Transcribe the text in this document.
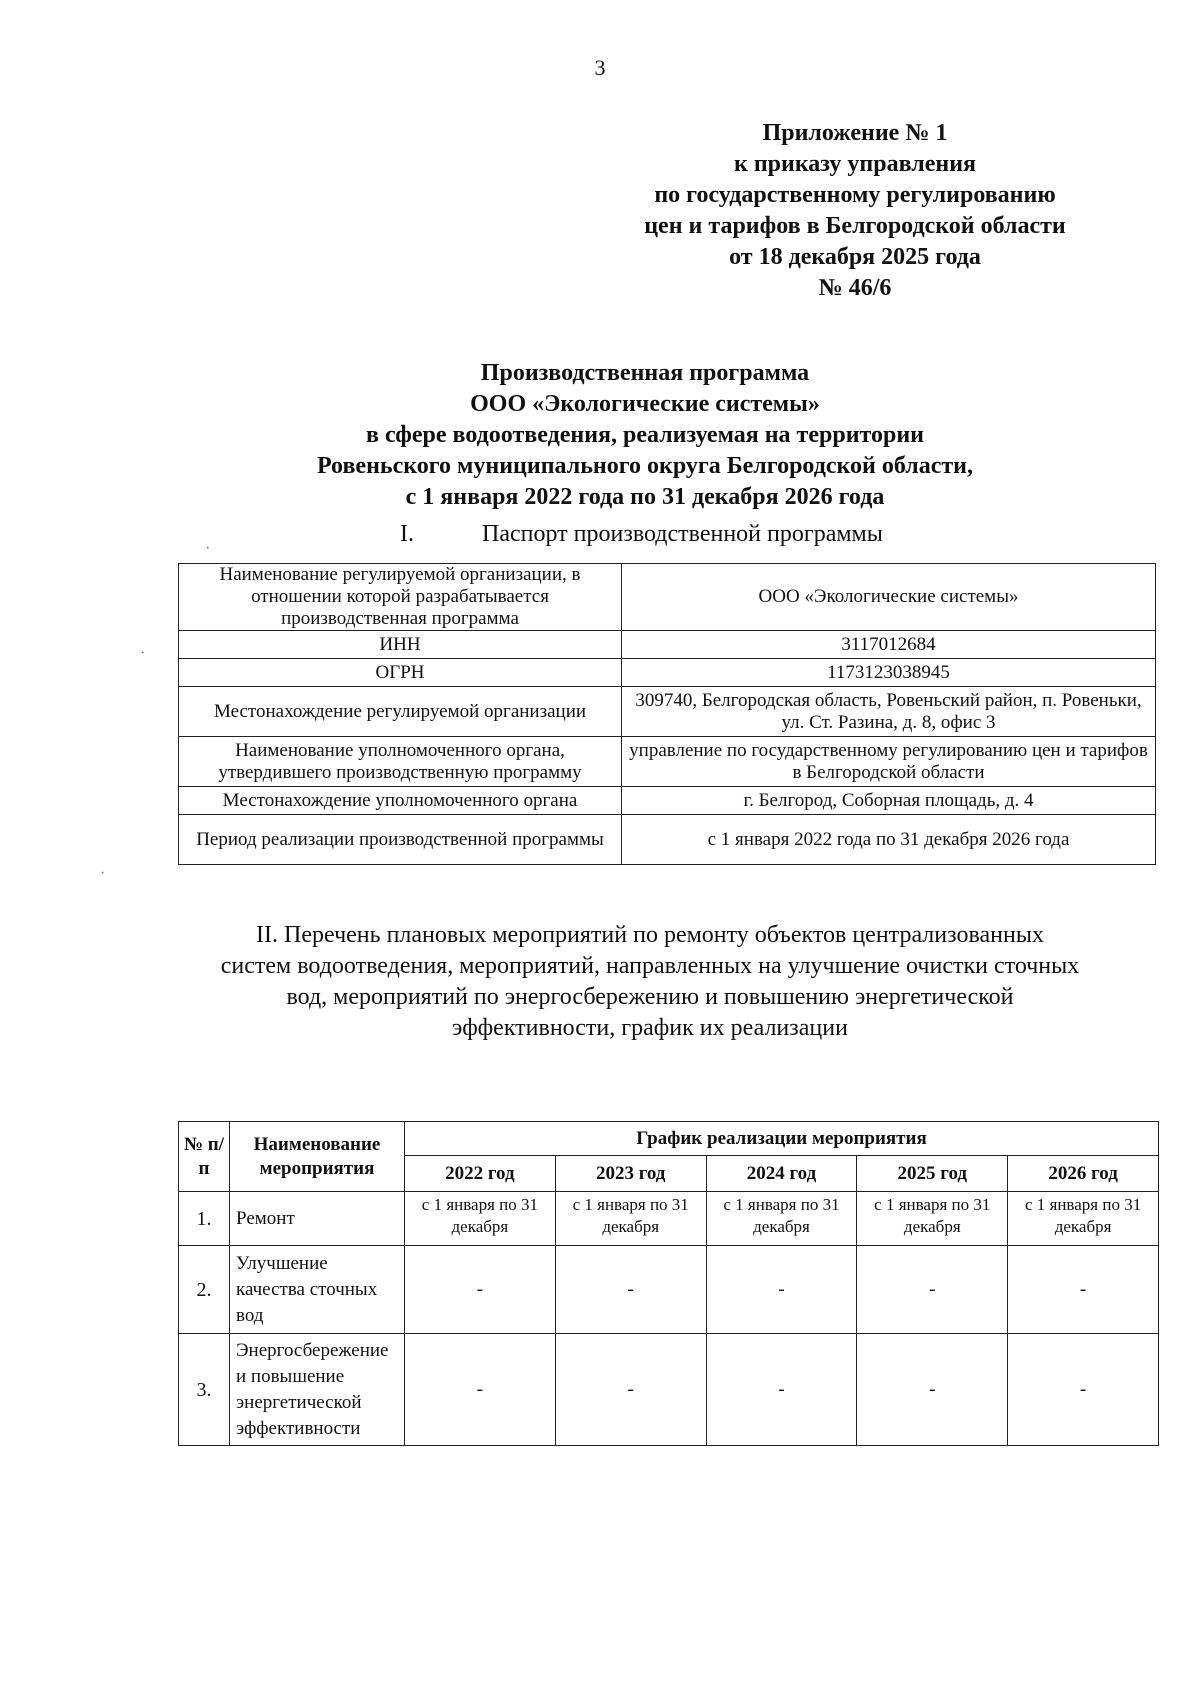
3
Приложение № 1
к приказу управления
по государственному регулированию
цен и тарифов в Белгородской области
от 18 декабря 2025 года
№ 46/6
Производственная программа
ООО «Экологические системы»
в сфере водоотведения, реализуемая на территории
Ровеньского муниципального округа Белгородской области,
с 1 января 2022 года по 31 декабря 2026 года
I.	Паспорт производственной программы
Наименование регулируемой организации, в отношении которой разрабатывается производственная программа	ООО «Экологические системы»
ИНН	3117012684
ОГРН	1173123038945
Местонахождение регулируемой организации	309740, Белгородская область, Ровеньский район, п. Ровеньки, ул. Ст. Разина, д. 8, офис 3
Наименование уполномоченного органа, утвердившего производственную программу	управление по государственному регулированию цен и тарифов в Белгородской области
Местонахождение уполномоченного органа	г. Белгород, Соборная площадь, д. 4
Период реализации производственной программы	с 1 января 2022 года по 31 декабря 2026 года
II. Перечень плановых мероприятий по ремонту объектов централизованных
систем водоотведения, мероприятий, направленных на улучшение очистки сточных
вод, мероприятий по энергосбережению и повышению энергетической
эффективности, график их реализации
№ п/п	Наименование мероприятия	График реализации мероприятия				
		2022 год	2023 год	2024 год	2025 год	2026 год
1.	Ремонт	с 1 января по 31 декабря	с 1 января по 31 декабря	с 1 января по 31 декабря	с 1 января по 31 декабря	с 1 января по 31 декабря
2.	Улучшение качества сточных вод	-	-	-	-	-
3.	Энергосбережение и повышение энергетической эффективности	-	-	-	-	-
·
·
·
